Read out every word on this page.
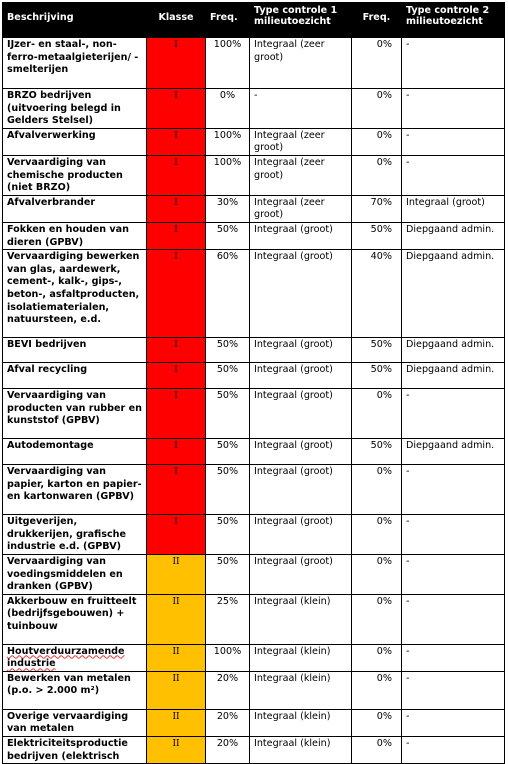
Beschrijving	Klasse	Freq.	Type controle 1 milieutoezicht	Freq.	Type controle 2 milieutoezicht
IJzer- en staal-, non-ferro-metaalgieterijen/ -smelterijen	I	100%	Integraal (zeer groot)	0%	-
BRZO bedrijven (uitvoering belegd in Gelders Stelsel)	I	0%	-	0%	-
Afvalverwerking	I	100%	Integraal (zeer groot)	0%	-
Vervaardiging van chemische producten (niet BRZO)	I	100%	Integraal (zeer groot)	0%	-
Afvalverbrander	I	30%	Integraal (zeer groot)	70%	Integraal (groot)
Fokken en houden van dieren (GPBV)	I	50%	Integraal (groot)	50%	Diepgaand admin.
Vervaardiging bewerken van glas, aardewerk, cement-, kalk-, gips-, beton-, asfaltproducten, isolatiematerialen, natuursteen, e.d.	I	60%	Integraal (groot)	40%	Diepgaand admin.
BEVI bedrijven	I	50%	Integraal (groot)	50%	Diepgaand admin.
Afval recycling	I	50%	Integraal (groot)	50%	Diepgaand admin.
Vervaardiging van producten van rubber en kunststof (GPBV)	I	50%	Integraal (groot)	0%	-
Autodemontage	I	50%	Integraal (groot)	50%	Diepgaand admin.
Vervaardiging van papier, karton en papier- en kartonwaren (GPBV)	I	50%	Integraal (groot)	0%	-
Uitgeverijen, drukkerijen, grafische industrie e.d. (GPBV)	I	50%	Integraal (groot)	0%	-
Vervaardiging van voedingsmiddelen en dranken (GPBV)	II	50%	Integraal (groot)	0%	-
Akkerbouw en fruitteelt (bedrijfsgebouwen) + tuinbouw	II	25%	Integraal (klein)	0%	-
Houtverduurzamende industrie	II	100%	Integraal (klein)	0%	-
Bewerken van metalen (p.o. > 2.000 m²)	II	20%	Integraal (klein)	0%	-
Overige vervaardiging van metalen	II	20%	Integraal (klein)	0%	-
Elektriciteitsproductie bedrijven (elektrisch	II	20%	Integraal (klein)	0%	-
